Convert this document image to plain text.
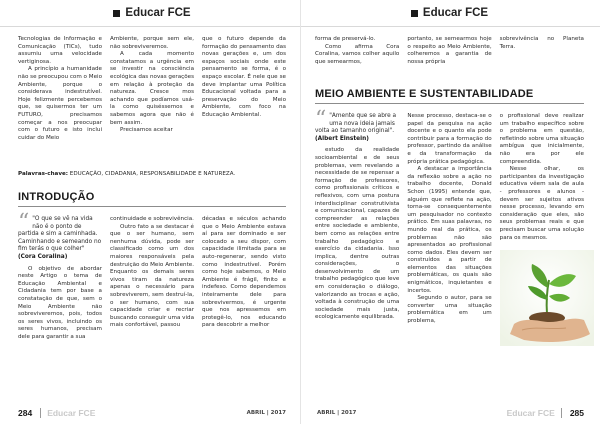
Educar FCE

Tecnologias de Informação e Comunicação (TICs), tudo assumiu uma velocidade vertiginosa.

A princípio a humanidade não se preocupou com o Meio Ambiente, porque o considerava indestrutível. Hoje felizmente percebemos que, se quisermos ter um FUTURO, precisamos começar a nos preocupar com o futuro e isto inclui cuidar do Meio

Ambiente, porque sem ele, não sobreviveremos.

A cada momento constatamos a urgência em se investir na consciência ecológica das novas gerações em relação à proteção da natureza. Cresce mos achando que podíamos usá-la como quiséssemos e sabemos agora que não é bem assim.

Precisamos aceitar

que o futuro depende da formação do pensamento das novas gerações e, um dos espaços sociais onde este pensamento se forma, é o espaço escolar. É nele que se deve implantar uma Política Educacional voltada para a preservação do Meio Ambiente, com foco na Educação Ambiental.

Palavras-chave: EDUCAÇÃO, CIDADANIA, RESPONSABILIDADE E NATUREZA.
INTRODUÇÃO
“ "O que se vê na vida não é o ponto de partida e sim a caminhada. Caminhando e semeando no fim terás o que colher" (Cora Coralina)

O objetivo de abordar neste Artigo o tema de Educação Ambiental e Cidadania tem por base a constatação de que, sem o Meio Ambiente não sobreviveremos, pois, todos os seres vivos, incluindo os seres humanos, precisam dele para garantir a sua

continuidade e sobrevivência.

Outro fato a se destacar é que o ser humano, sem nenhuma dúvida, pode ser classificado como um dos maiores responsáveis pela destruição do Meio Ambiente. Enquanto os demais seres vivos tiram da natureza apenas o necessário para sobreviverem, sem destruí-la, o ser humano, com sua capacidade criar e recriar buscando conseguir uma vida mais confortável, passou

décadas e séculos achando que o Meio Ambiente estava aí para ser dominado e ser colocado a seu dispor, com capacidade ilimitada para se auto-regenerar, sendo visto como indestrutível. Porém como hoje sabemos, o Meio Ambiente é frágil, finito e indefeso. Como dependemos inteiramente dele para sobrevivermos, é urgente que nos apressemos em protegê-lo, nos educando para descobrir a melhor

284 Educar FCE	ABRIL | 2017
Educar FCE

forma de preservá-lo.

Como afirma Cora Coralina, vamos colher aquilo que semearmos,

portanto, se semearmos hoje o respeito ao Meio Ambiente, colheremos a garantia de nossa própria

sobrevivência no Planeta Terra.

MEIO AMBIENTE E SUSTENTABILIDADE
“ "Amente que se abre a uma nova ideia jamais volta ao tamanho original". (Albert Einstein)

estudo da realidade socioambiental e de seus problemas, vem revelando a necessidade de se repensar a formação de professores, como profissionais críticos e reflexivos, com uma postura interdisciplinar construtivista e comunicacional, capazes de compreender as relações entre sociedade e ambiente, bem como as relações entre trabalho pedagógico e exercício da cidadania. Isso implica, dentre outras considerações, o desenvolvimento de um trabalho pedagógico que leve em consideração o diálogo, valorizando as trocas e ação, voltada à construção de uma sociedade mais justa, ecologicamente equilibrada.

Nesse processo, destaca-se o papel da pesquisa na ação docente e o quanto ela pode contribuir para a formação do professor, partindo da análise e da transformação da própria prática pedagógica.

A destacar a importância da reflexão sobre a ação no trabalho docente, Donald Schon (1995) entende que, alguém que reflete na ação, torna-se consequentemente um pesquisador no contexto prático. Em suas palavras, no mundo real da prática, os problemas não são apresentados ao profissional como dados. Eles devem ser construídos a partir de elementos das situações problemáticas, os quais são enigmáticos, inquietantes e incertos.

Segundo o autor, para se converter uma situação problemática em um problema,

o profissional deve realizar um trabalho específico sobre o problema em questão, refletindo sobre uma situação ambígua que inicialmente, não era por ele compreendida.

Nesse olhar, os participantes da investigação educativa vêem sala de aula - professores e alunos - devem ser sujeitos ativos nesse processo, levando em consideração que eles, são seus problemas reais e que precisam buscar uma solução para os mesmos.

ABRIL | 2017	Educar FCE 285
